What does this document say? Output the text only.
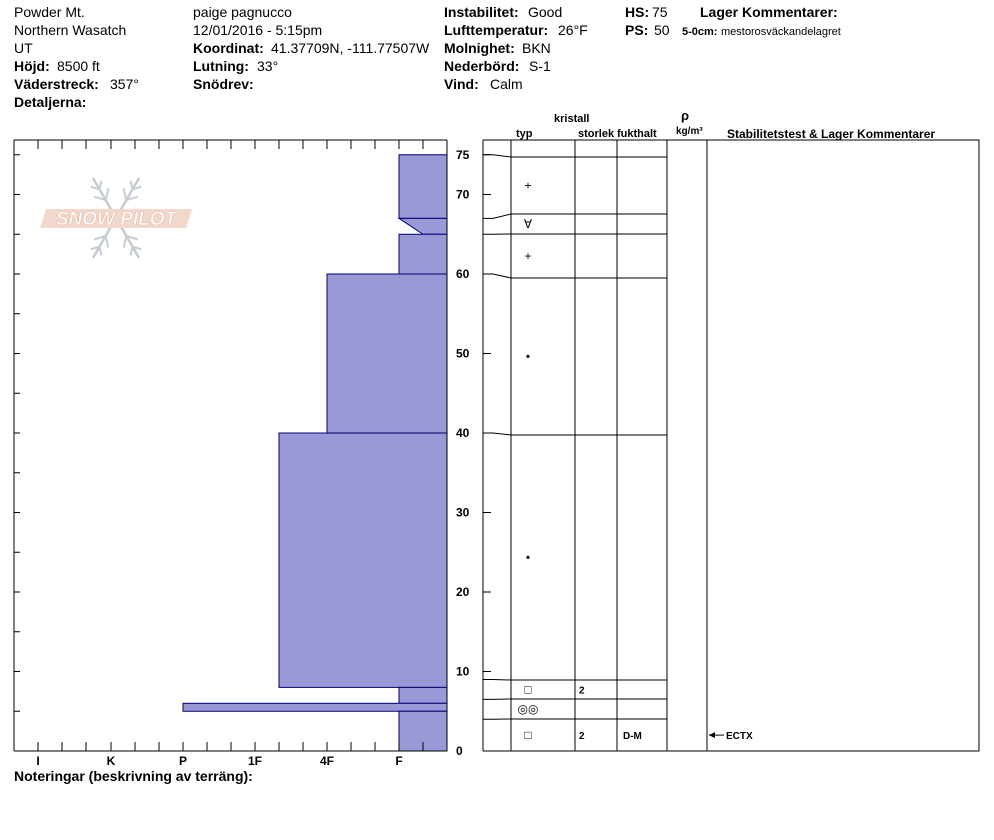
Powder Mt.
Northern Wasatch
UT
Höjd: 8500 ft
Väderstreck: 357°
Detaljerna:
paige pagnucco
12/01/2016 - 5:15pm
Koordinat: 41.37709N, -111.77507W
Lutning: 33°
Snödrev:
Instabilitet: Good
Lufttemperatur: 26°F
Molnighet: BKN
Nederbörd: S-1
Vind: Calm
HS: 75
PS: 50
Lager Kommentarer:
5-0cm: mestorosväckandelagret
kristall
typ	storlek fukthalt
ρ
kg/m³ Stabilitetstest & Lager Kommentarer
Noteringar (beskrivning av terräng):
SNOW PILOT
I	K	P	1F	4F	F
0
10
20
30
40
50
60
70
75
+
∀
+
•
•
□	2
◎◎
□	2	D-M	ECTX
